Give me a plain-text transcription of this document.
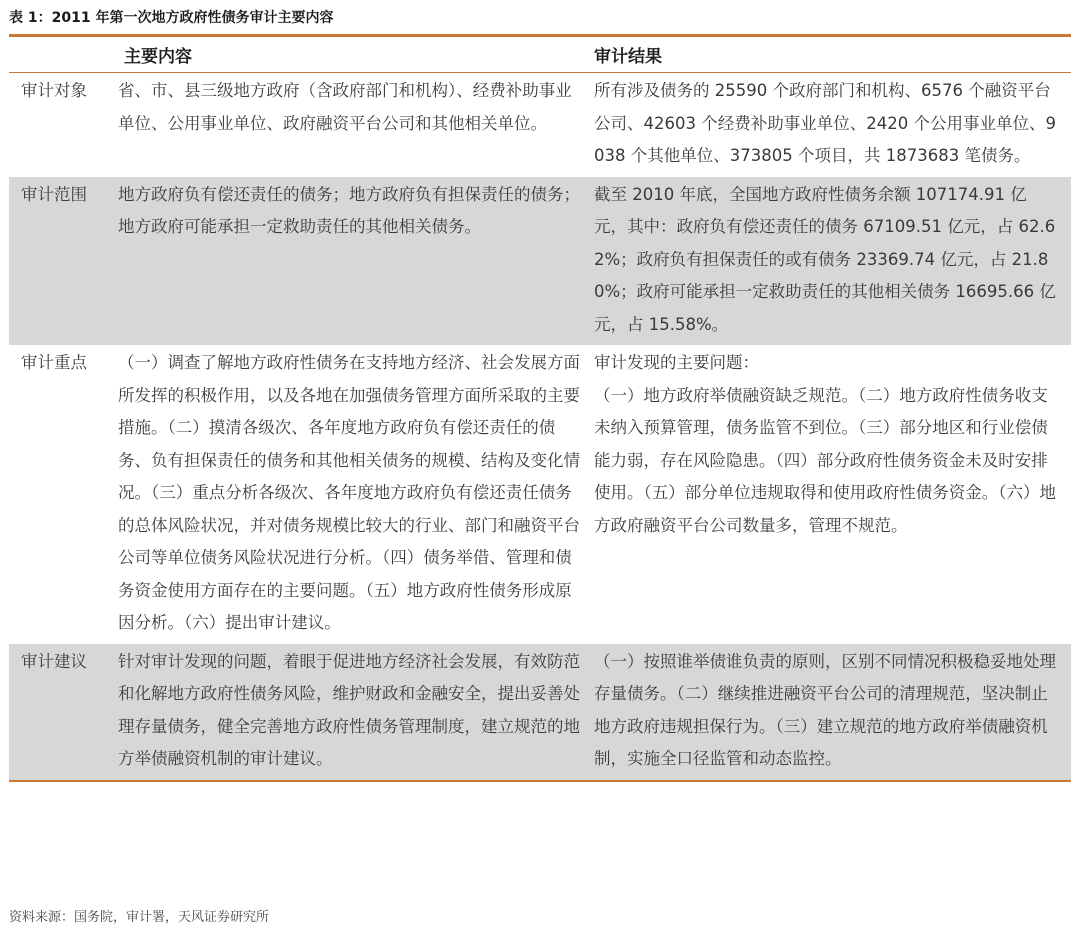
表 1：2011 年第一次地方政府性债务审计主要内容
主要内容		审计结果
审计对象	省、市、县三级地方政府（含政府部门和机构）、经费补助事业单位、公用事业单位、政府融资平台公司和其他相关单位。	所有涉及债务的 25590 个政府部门和机构、6576 个融资平台公司、42603 个经费补助事业单位、2420 个公用事业单位、9038 个其他单位、373805 个项目，共 1873683 笔债务。
审计范围	地方政府负有偿还责任的债务；地方政府负有担保责任的债务；地方政府可能承担一定救助责任的其他相关债务。	截至 2010 年底，全国地方政府性债务余额 107174.91 亿元，其中：政府负有偿还责任的债务 67109.51 亿元，占 62.62%；政府负有担保责任的或有债务 23369.74 亿元，占 21.80%；政府可能承担一定救助责任的其他相关债务 16695.66 亿元，占 15.58%。
审计重点	（一）调查了解地方政府性债务在支持地方经济、社会发展方面所发挥的积极作用，以及各地在加强债务管理方面所采取的主要措施。（二）摸清各级次、各年度地方政府负有偿还责任的债务、负有担保责任的债务和其他相关债务的规模、结构及变化情况。（三）重点分析各级次、各年度地方政府负有偿还责任债务的总体风险状况，并对债务规模比较大的行业、部门和融资平台公司等单位债务风险状况进行分析。（四）债务举借、管理和债务资金使用方面存在的主要问题。（五）地方政府性债务形成原因分析。（六）提出审计建议。	审计发现的主要问题：
（一）地方政府举债融资缺乏规范。（二）地方政府性债务收支未纳入预算管理，债务监管不到位。（三）部分地区和行业偿债能力弱，存在风险隐患。（四）部分政府性债务资金未及时安排使用。（五）部分单位违规取得和使用政府性债务资金。（六）地方政府融资平台公司数量多，管理不规范。

审计建议	针对审计发现的问题，着眼于促进地方经济社会发展，有效防范和化解地方政府性债务风险，维护财政和金融安全，提出妥善处理存量债务，健全完善地方政府性债务管理制度，建立规范的地方举债融资机制的审计建议。	（一）按照谁举债谁负责的原则，区别不同情况积极稳妥地处理存量债务。（二）继续推进融资平台公司的清理规范，坚决制止地方政府违规担保行为。（三）建立规范的地方政府举债融资机制，实施全口径监管和动态监控。
资料来源：国务院，审计署，天风证券研究所
